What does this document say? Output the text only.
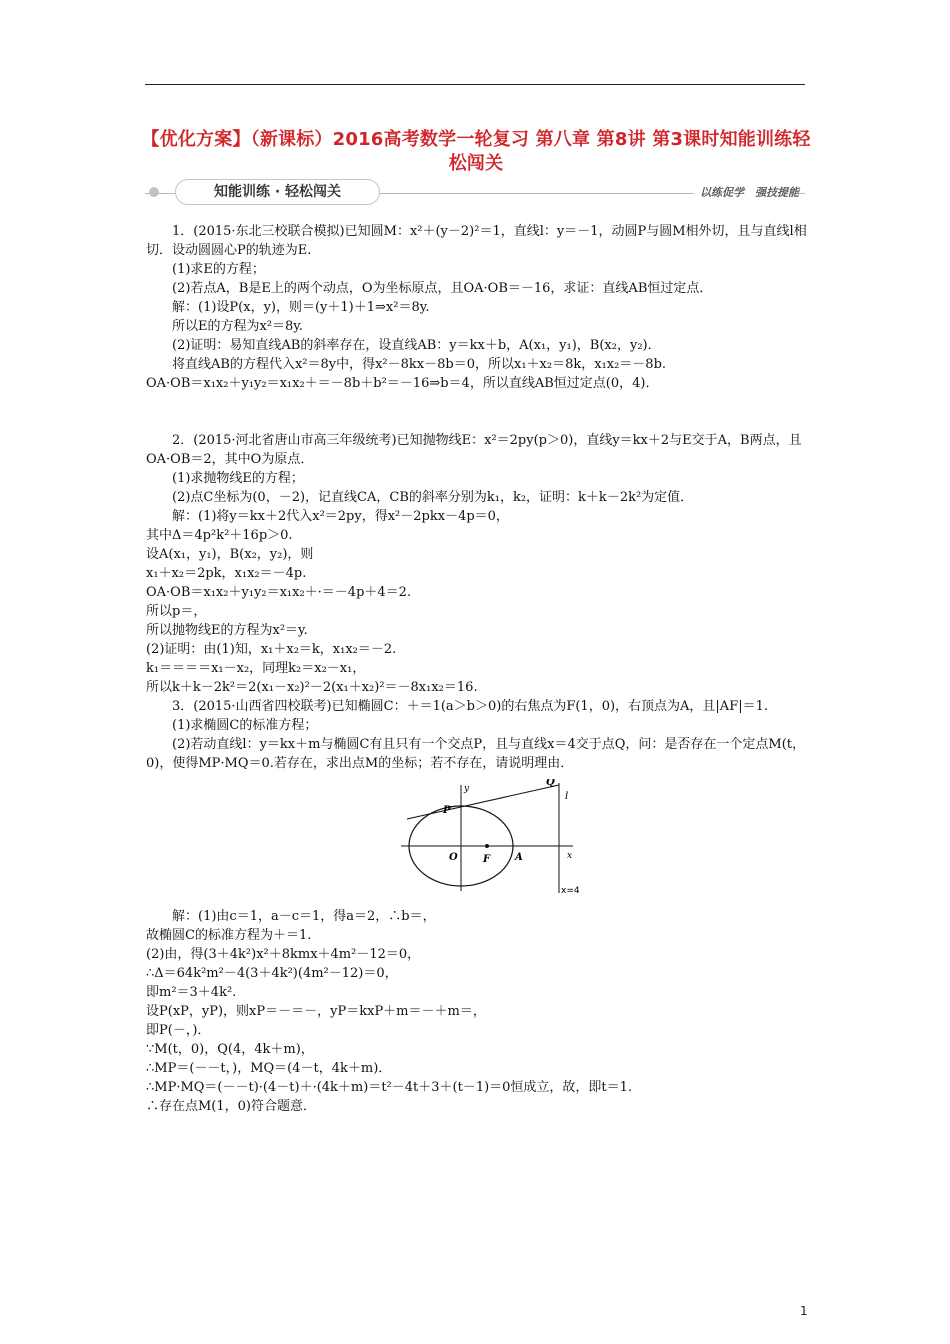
【优化方案】（新课标）2016高考数学一轮复习 第八章 第8讲 第3课时知能训练轻松闯关
知能训练 · 轻松闯关	以练促学　强技提能

1．(2015·东北三校联合模拟)已知圆M：x²＋(y－2)²＝1，直线l：y＝－1，动圆P与圆M相外切，且与直线l相切．设动圆圆心P的轨迹为E.

(1)求E的方程；

(2)若点A，B是E上的两个动点，O为坐标原点，且OA·OB＝－16，求证：直线AB恒过定点．

解：(1)设P(x，y)，则＝(y＋1)＋1⇒x²＝8y.

所以E的方程为x²＝8y.

(2)证明：易知直线AB的斜率存在，设直线AB：y＝kx＋b，A(x₁，y₁)，B(x₂，y₂)．

将直线AB的方程代入x²＝8y中，得x²－8kx－8b＝0，所以x₁＋x₂＝8k，x₁x₂＝－8b.

OA·OB＝x₁x₂＋y₁y₂＝x₁x₂＋＝－8b＋b²＝－16⇒b＝4，所以直线AB恒过定点(0，4)．

2．(2015·河北省唐山市高三年级统考)已知抛物线E：x²＝2py(p＞0)，直线y＝kx＋2与E交于A，B两点，且OA·OB＝2，其中O为原点．

(1)求抛物线E的方程；

(2)点C坐标为(0，－2)，记直线CA，CB的斜率分别为k₁，k₂，证明：k＋k－2k²为定值．

解：(1)将y＝kx＋2代入x²＝2py，得x²－2pkx－4p＝0，

其中Δ＝4p²k²＋16p＞0.

设A(x₁，y₁)，B(x₂，y₂)，则

x₁＋x₂＝2pk，x₁x₂＝－4p.

OA·OB＝x₁x₂＋y₁y₂＝x₁x₂＋·＝－4p＋4＝2.

所以p＝，

所以抛物线E的方程为x²＝y.

(2)证明：由(1)知，x₁＋x₂＝k，x₁x₂＝－2.

k₁＝＝＝＝x₁－x₂，同理k₂＝x₂－x₁，

所以k＋k－2k²＝2(x₁－x₂)²－2(x₁＋x₂)²＝－8x₁x₂＝16.

3．(2015·山西省四校联考)已知椭圆C：＋＝1(a＞b＞0)的右焦点为F(1，0)，右顶点为A，且|AF|＝1.

(1)求椭圆C的标准方程；

(2)若动直线l：y＝kx＋m与椭圆C有且只有一个交点P，且与直线x＝4交于点Q，问：是否存在一个定点M(t，0)，使得MP·MQ＝0.若存在，求出点M的坐标；若不存在，请说明理由．

y
x
P
Q
l
O	F A
x=4

解：(1)由c＝1，a－c＝1，得a＝2，∴b＝，

故椭圆C的标准方程为＋＝1.

(2)由，得(3＋4k²)x²＋8kmx＋4m²－12＝0，

∴Δ＝64k²m²－4(3＋4k²)(4m²－12)＝0，

即m²＝3＋4k².

设P(xP，yP)，则xP＝－＝－，yP＝kxP＋m＝－＋m＝，

即P(－，)．

∵M(t，0)，Q(4，4k＋m)，

∴MP＝(－－t，)，MQ＝(4－t，4k＋m)．

∴MP·MQ＝(－－t)·(4－t)＋·(4k＋m)＝t²－4t＋3＋(t－1)＝0恒成立，故，即t＝1.

∴存在点M(1，0)符合题意．

1
